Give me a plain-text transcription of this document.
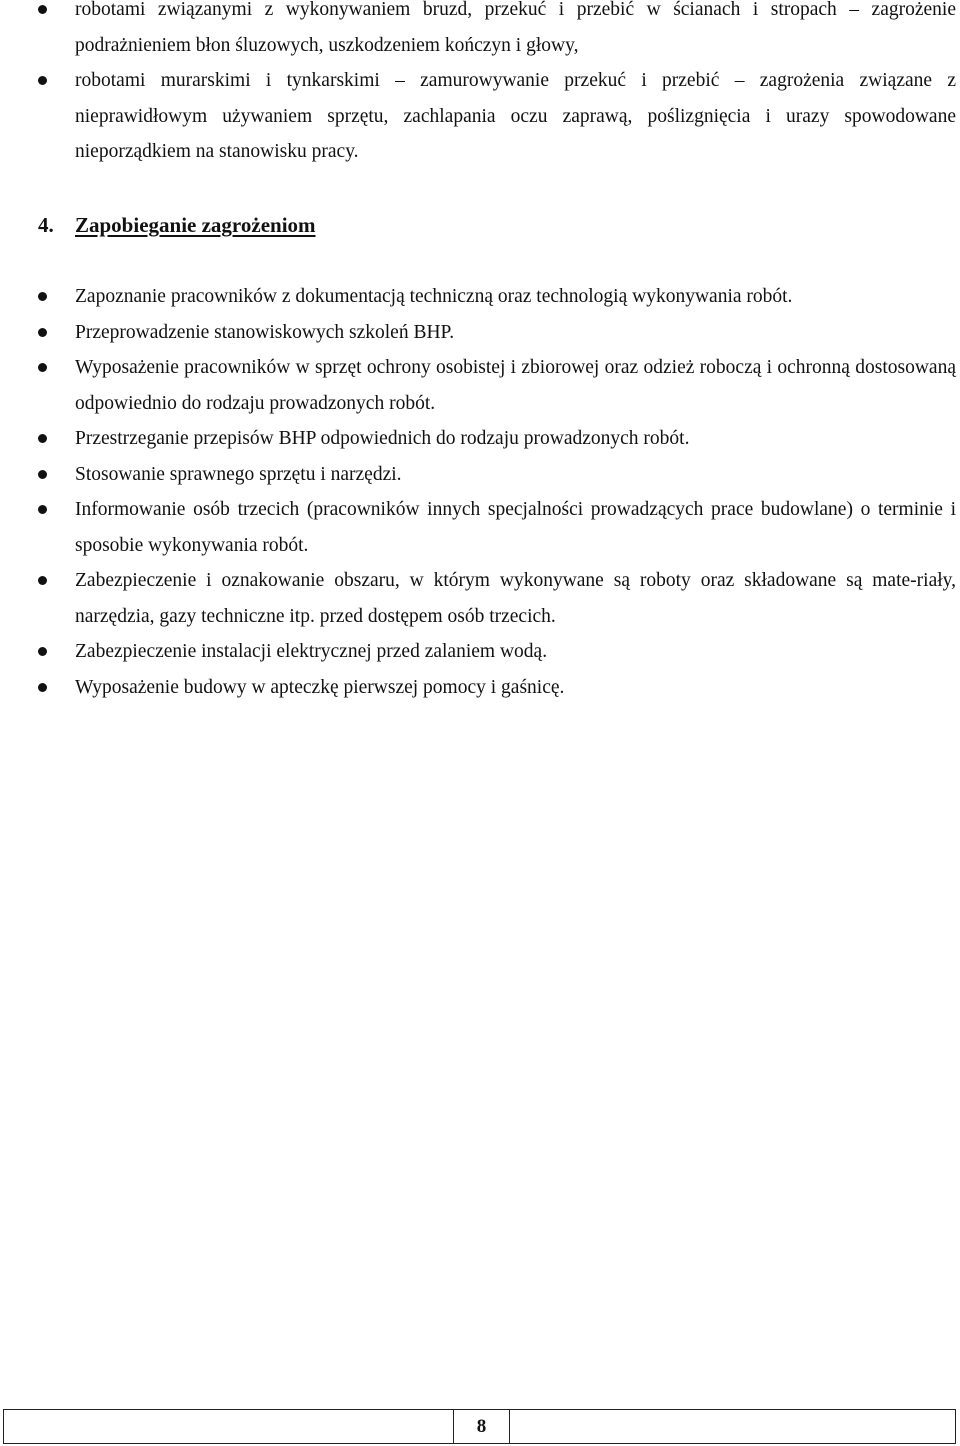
robotami związanymi z wykonywaniem bruzd, przekuć i przebić w ścianach i stropach – zagrożenie podrażnieniem błon śluzowych, uszkodzeniem kończyn i głowy,
robotami murarskimi i tynkarskimi – zamurowywanie przekuć i przebić – zagrożenia związane z nieprawidłowym używaniem sprzętu, zachlapania oczu zaprawą, poślizgnięcia i urazy spowodowane nieporządkiem na stanowisku pracy.
4. Zapobieganie zagrożeniom
Zapoznanie pracowników z dokumentacją techniczną oraz technologią wykonywania robót.
Przeprowadzenie stanowiskowych szkoleń BHP.
Wyposażenie pracowników w sprzęt ochrony osobistej i zbiorowej oraz odzież roboczą i ochronną dostosowaną odpowiednio do rodzaju prowadzonych robót.
Przestrzeganie przepisów BHP odpowiednich do rodzaju prowadzonych robót.
Stosowanie sprawnego sprzętu i narzędzi.
Informowanie osób trzecich (pracowników innych specjalności prowadzących prace budowlane) o terminie i sposobie wykonywania robót.
Zabezpieczenie i oznakowanie obszaru, w którym wykonywane są roboty oraz składowane są mate-riały, narzędzia, gazy techniczne itp. przed dostępem osób trzecich.
Zabezpieczenie instalacji elektrycznej przed zalaniem wodą.
Wyposażenie budowy w apteczkę pierwszej pomocy i gaśnicę.
8
